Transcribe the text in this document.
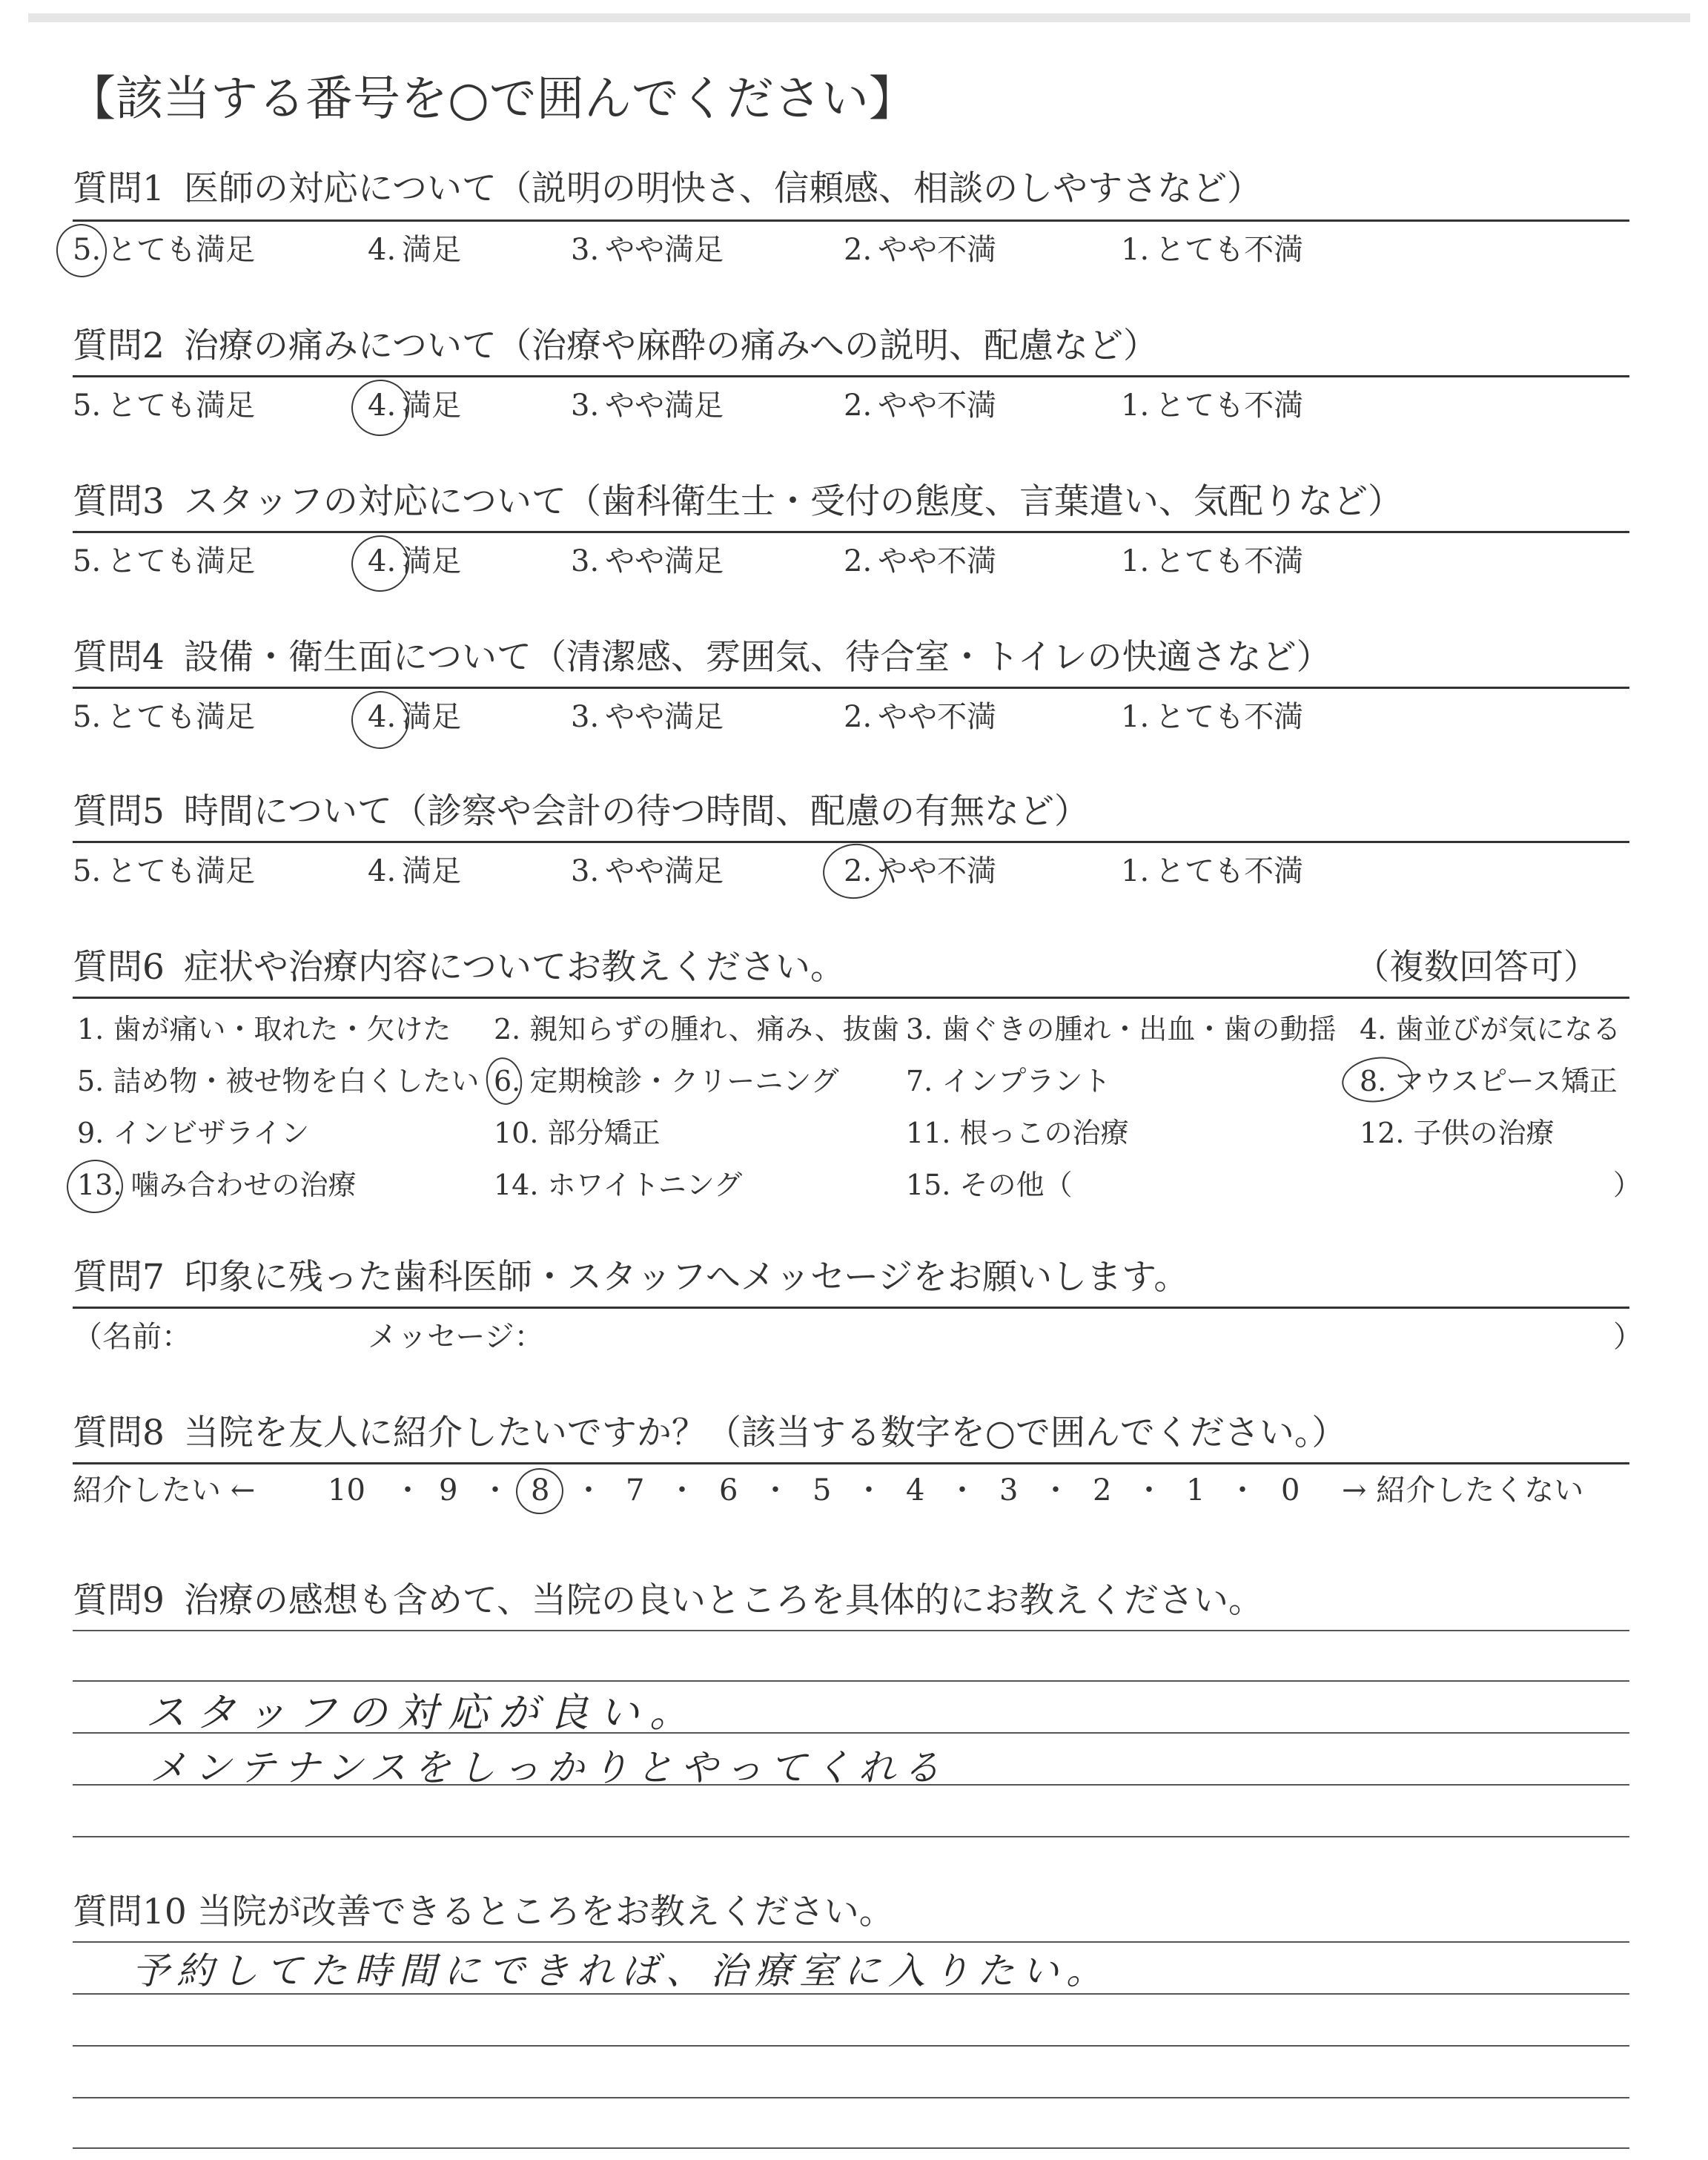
【該当する番号を○で囲んでください】
質問1 医師の対応について（説明の明快さ、信頼感、相談のしやすさなど）
5. とても満足	4. 満足	3. やや満足	2. やや不満	1. とても不満
質問2 治療の痛みについて（治療や麻酔の痛みへの説明、配慮など）
5. とても満足	4. 満足	3. やや満足	2. やや不満	1. とても不満
質問3 スタッフの対応について（歯科衛生士・受付の態度、言葉遣い、気配りなど）
5. とても満足	4. 満足	3. やや満足	2. やや不満	1. とても不満
質問4 設備・衛生面について（清潔感、雰囲気、待合室・トイレの快適さなど）
5. とても満足	4. 満足	3. やや満足	2. やや不満	1. とても不満
質問5 時間について（診察や会計の待つ時間、配慮の有無など）
5. とても満足	4. 満足	3. やや満足	2. やや不満	1. とても不満
質問6 症状や治療内容についてお教えください。	（複数回答可）
1. 歯が痛い・取れた・欠けた 2. 親知らずの腫れ、痛み、抜歯 3. 歯ぐきの腫れ・出血・歯の動揺 4. 歯並びが気になる
5. 詰め物・被せ物を白くしたい 6. 定期検診・クリーニング 7. インプラント	8. マウスピース矯正
9. インビザライン	10. 部分矯正	11. 根っこの治療	12. 子供の治療
13. 噛み合わせの治療	14. ホワイトニング	15. その他（	）
質問7 印象に残った歯科医師・スタッフへメッセージをお願いします。
（名前：	メッセージ：	）
質問8 当院を友人に紹介したいですか？（該当する数字を○で囲んでください。）
紹介したい ← 10 ・ 9 ・ 8 ・ 7 ・ 6 ・ 5 ・ 4 ・ 3 ・ 2 ・ 1 ・ 0 → 紹介したくない
質問9 治療の感想も含めて、当院の良いところを具体的にお教えください。
スタッフの対応が良い。
メンテナンスをしっかりとやってくれる
質問10 当院が改善できるところをお教えください。
予約してた時間にできれば、治療室に入りたい。
